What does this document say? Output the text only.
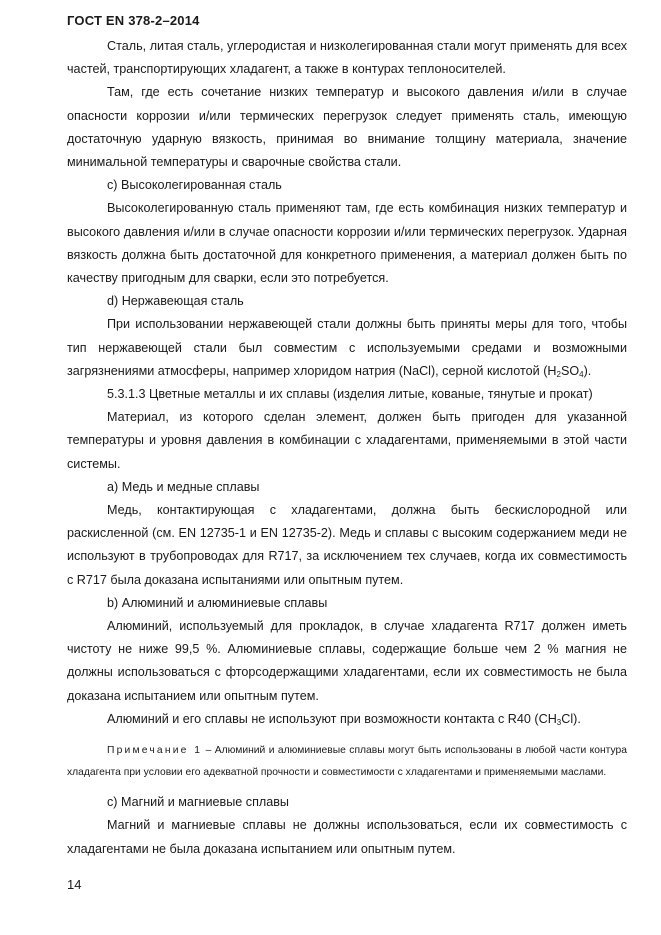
ГОСТ EN 378-2–2014

Сталь, литая сталь, углеродистая и низколегированная стали могут применять для всех частей, транспортирующих хладагент, а также в контурах теплоносителей.

Там, где есть сочетание низких температур и высокого давления и/или в случае опасности коррозии и/или термических перегрузок следует применять сталь, имеющую достаточную ударную вязкость, принимая во внимание толщину материала, значение минимальной температуры и сварочные свойства стали.

c) Высоколегированная сталь

Высоколегированную сталь применяют там, где есть комбинация низких температур и высокого давления и/или в случае опасности коррозии и/или термических перегрузок. Ударная вязкость должна быть достаточной для конкретного применения, а материал должен быть по качеству пригодным для сварки, если это потребуется.

d) Нержавеющая сталь

При использовании нержавеющей стали должны быть приняты меры для того, чтобы тип нержавеющей стали был совместим с используемыми средами и возможными загрязнениями атмосферы, например хлоридом натрия (NaCl), серной кислотой $(H_2SO_4)$.

5.3.1.3 Цветные металлы и их сплавы (изделия литые, кованые, тянутые и прокат)

Материал, из которого сделан элемент, должен быть пригоден для указанной температуры и уровня давления в комбинации с хладагентами, применяемыми в этой части системы.

a) Медь и медные сплавы

Медь, контактирующая с хладагентами, должна быть бескислородной или раскисленной (см. EN 12735-1 и EN 12735-2). Медь и сплавы с высоким содержанием меди не используют в трубопроводах для R717, за исключением тех случаев, когда их совместимость с R717 была доказана испытаниями или опытным путем.

b) Алюминий и алюминиевые сплавы

Алюминий, используемый для прокладок, в случае хладагента R717 должен иметь чистоту не ниже 99,5 %. Алюминиевые сплавы, содержащие больше чем 2 % магния не должны использоваться с фторсодержащими хладагентами, если их совместимость не была доказана испытанием или опытным путем.

Алюминий и его сплавы не используют при возможности контакта с R40 $(CH_3Cl)$.

Примечание 1 – Алюминий и алюминиевые сплавы могут быть использованы в любой части контура хладагента при условии его адекватной прочности и совместимости с хладагентами и применяемыми маслами.

c) Магний и магниевые сплавы

Магний и магниевые сплавы не должны использоваться, если их совместимость с хладагентами не была доказана испытанием или опытным путем.

14
